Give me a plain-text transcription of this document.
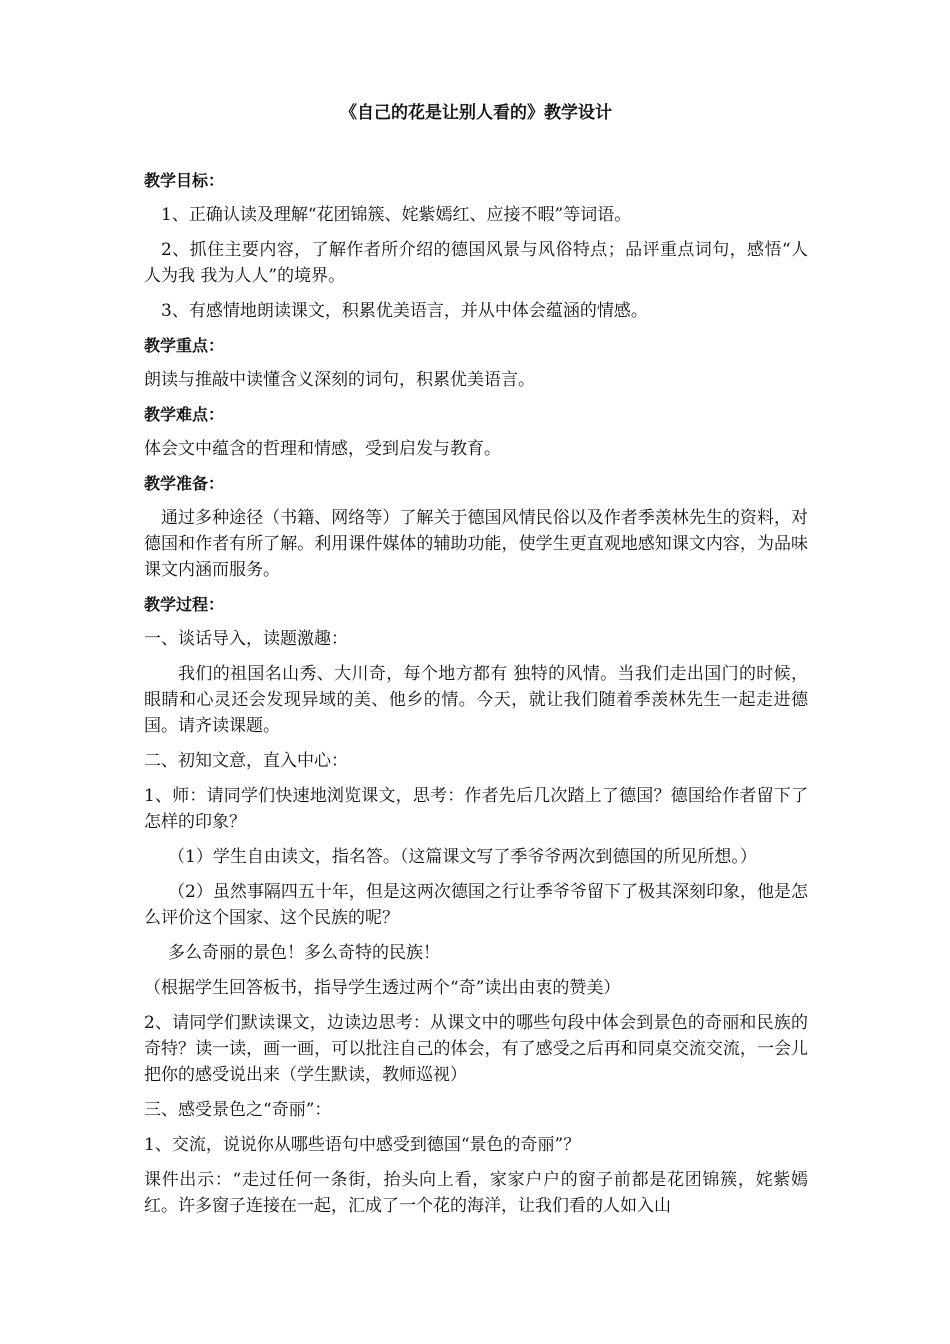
《自己的花是让别人看的》教学设计
教学目标：
1、正确认读及理解“花团锦簇、姹紫嫣红、应接不暇”等词语。
2、抓住主要内容，了解作者所介绍的德国风景与风俗特点；品评重点词句，感悟“人人为我 我为人人”的境界。
3、有感情地朗读课文，积累优美语言，并从中体会蕴涵的情感。
教学重点：
朗读与推敲中读懂含义深刻的词句，积累优美语言。
教学难点：
体会文中蕴含的哲理和情感，受到启发与教育。
教学准备：
通过多种途径（书籍、网络等）了解关于德国风情民俗以及作者季羡林先生的资料，对德国和作者有所了解。利用课件媒体的辅助功能，使学生更直观地感知课文内容，为品味课文内涵而服务。
教学过程：
一、谈话导入，读题激趣：
我们的祖国名山秀、大川奇，每个地方都有 独特的风情。当我们走出国门的时候，眼睛和心灵还会发现异域的美、他乡的情。今天，就让我们随着季羡林先生一起走进德国。请齐读课题。
二、初知文意，直入中心：
1、师：请同学们快速地浏览课文，思考：作者先后几次踏上了德国？德国给作者留下了怎样的印象？
（1）学生自由读文，指名答。（这篇课文写了季爷爷两次到德国的所见所想。）
（2）虽然事隔四五十年，但是这两次德国之行让季爷爷留下了极其深刻印象，他是怎么评价这个国家、这个民族的呢？
多么奇丽的景色！多么奇特的民族！
（根据学生回答板书，指导学生透过两个“奇”读出由衷的赞美）
2、请同学们默读课文，边读边思考：从课文中的哪些句段中体会到景色的奇丽和民族的奇特？读一读，画一画，可以批注自己的体会，有了感受之后再和同桌交流交流，一会儿把你的感受说出来（学生默读，教师巡视）
三、感受景色之“奇丽”：
1、交流，说说你从哪些语句中感受到德国“景色的奇丽”？
课件出示：“走过任何一条街，抬头向上看，家家户户的窗子前都是花团锦簇，姹紫嫣红。许多窗子连接在一起，汇成了一个花的海洋，让我们看的人如入山
